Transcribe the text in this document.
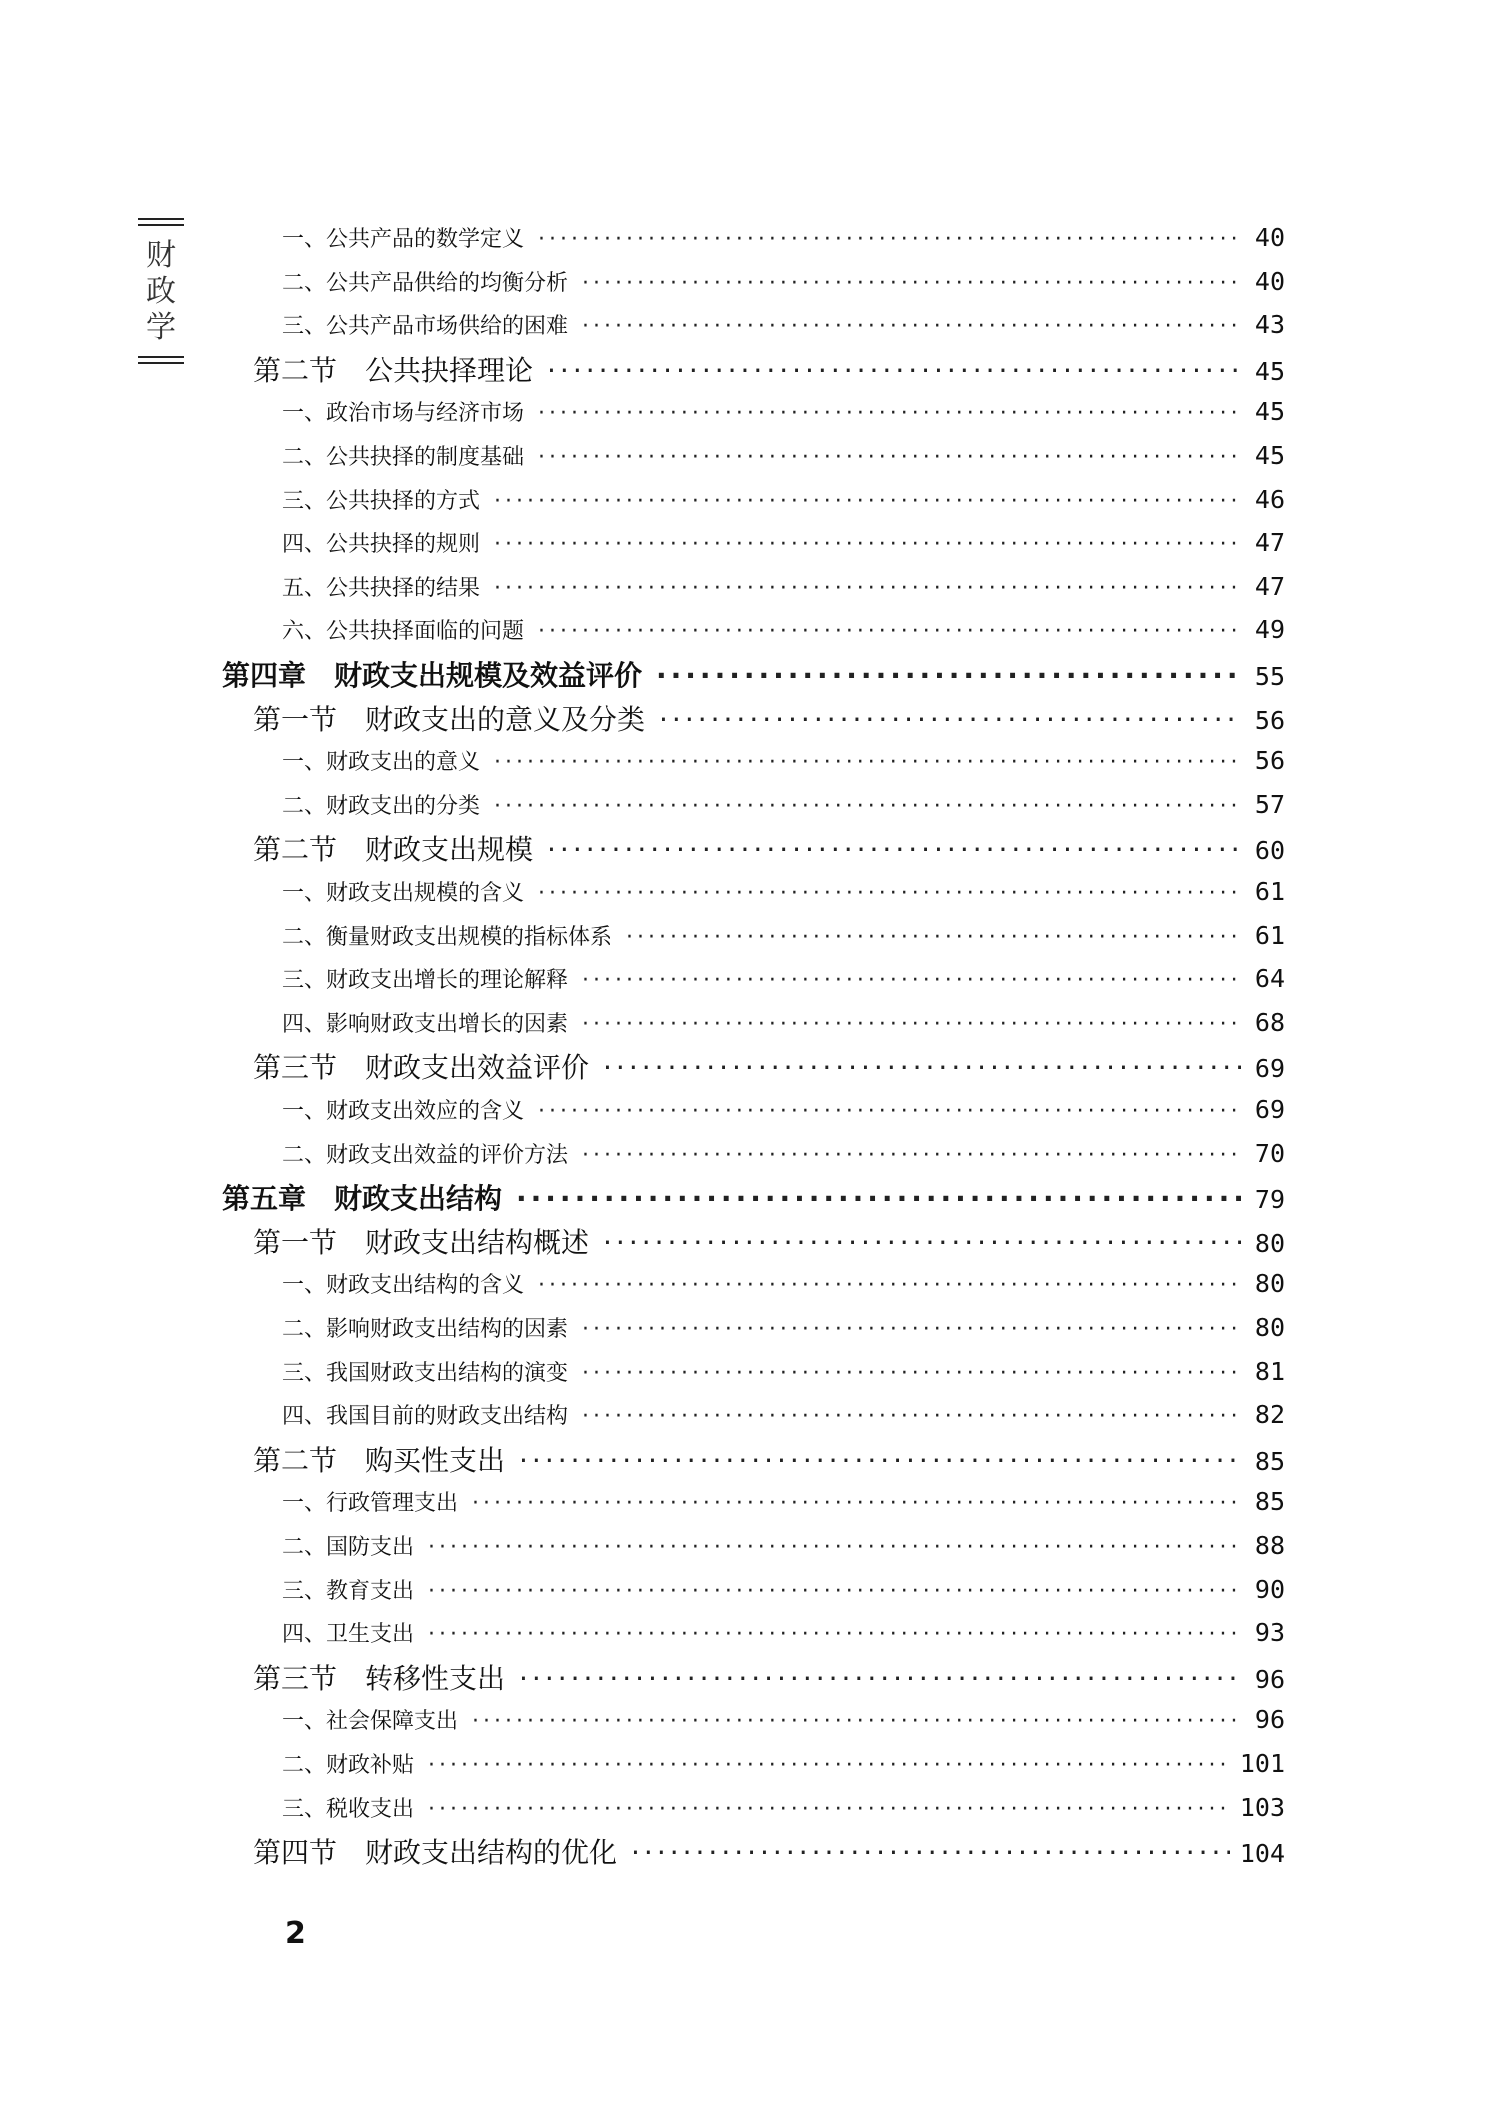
财
政
学
一、公共产品的数学定义 ·····	40
二、公共产品供给的均衡分析 ·····	40
三、公共产品市场供给的困难 ·····	43
第二节　公共抉择理论 ·····	45
一、政治市场与经济市场 ·····	45
二、公共抉择的制度基础 ·····	45
三、公共抉择的方式 ·····	46
四、公共抉择的规则 ·····	47
五、公共抉择的结果 ·····	47
六、公共抉择面临的问题 ·····	49
第四章　财政支出规模及效益评价 ·····	55
第一节　财政支出的意义及分类 ·····	56
一、财政支出的意义 ·····	56
二、财政支出的分类 ·····	57
第二节　财政支出规模 ·····	60
一、财政支出规模的含义 ·····	61
二、衡量财政支出规模的指标体系 ·····	61
三、财政支出增长的理论解释 ·····	64
四、影响财政支出增长的因素 ·····	68
第三节　财政支出效益评价 ·····	69
一、财政支出效应的含义 ·····	69
二、财政支出效益的评价方法 ·····	70
第五章　财政支出结构 ·····	79
第一节　财政支出结构概述 ·····	80
一、财政支出结构的含义 ·····	80
二、影响财政支出结构的因素 ·····	80
三、我国财政支出结构的演变 ·····	81
四、我国目前的财政支出结构 ·····	82
第二节　购买性支出 ·····	85
一、行政管理支出 ·····	85
二、国防支出 ·····	88
三、教育支出 ·····	90
四、卫生支出 ·····	93
第三节　转移性支出 ·····	96
一、社会保障支出 ·····	96
二、财政补贴 ·····	101
三、税收支出 ·····	103
第四节　财政支出结构的优化 ·····	104
2
